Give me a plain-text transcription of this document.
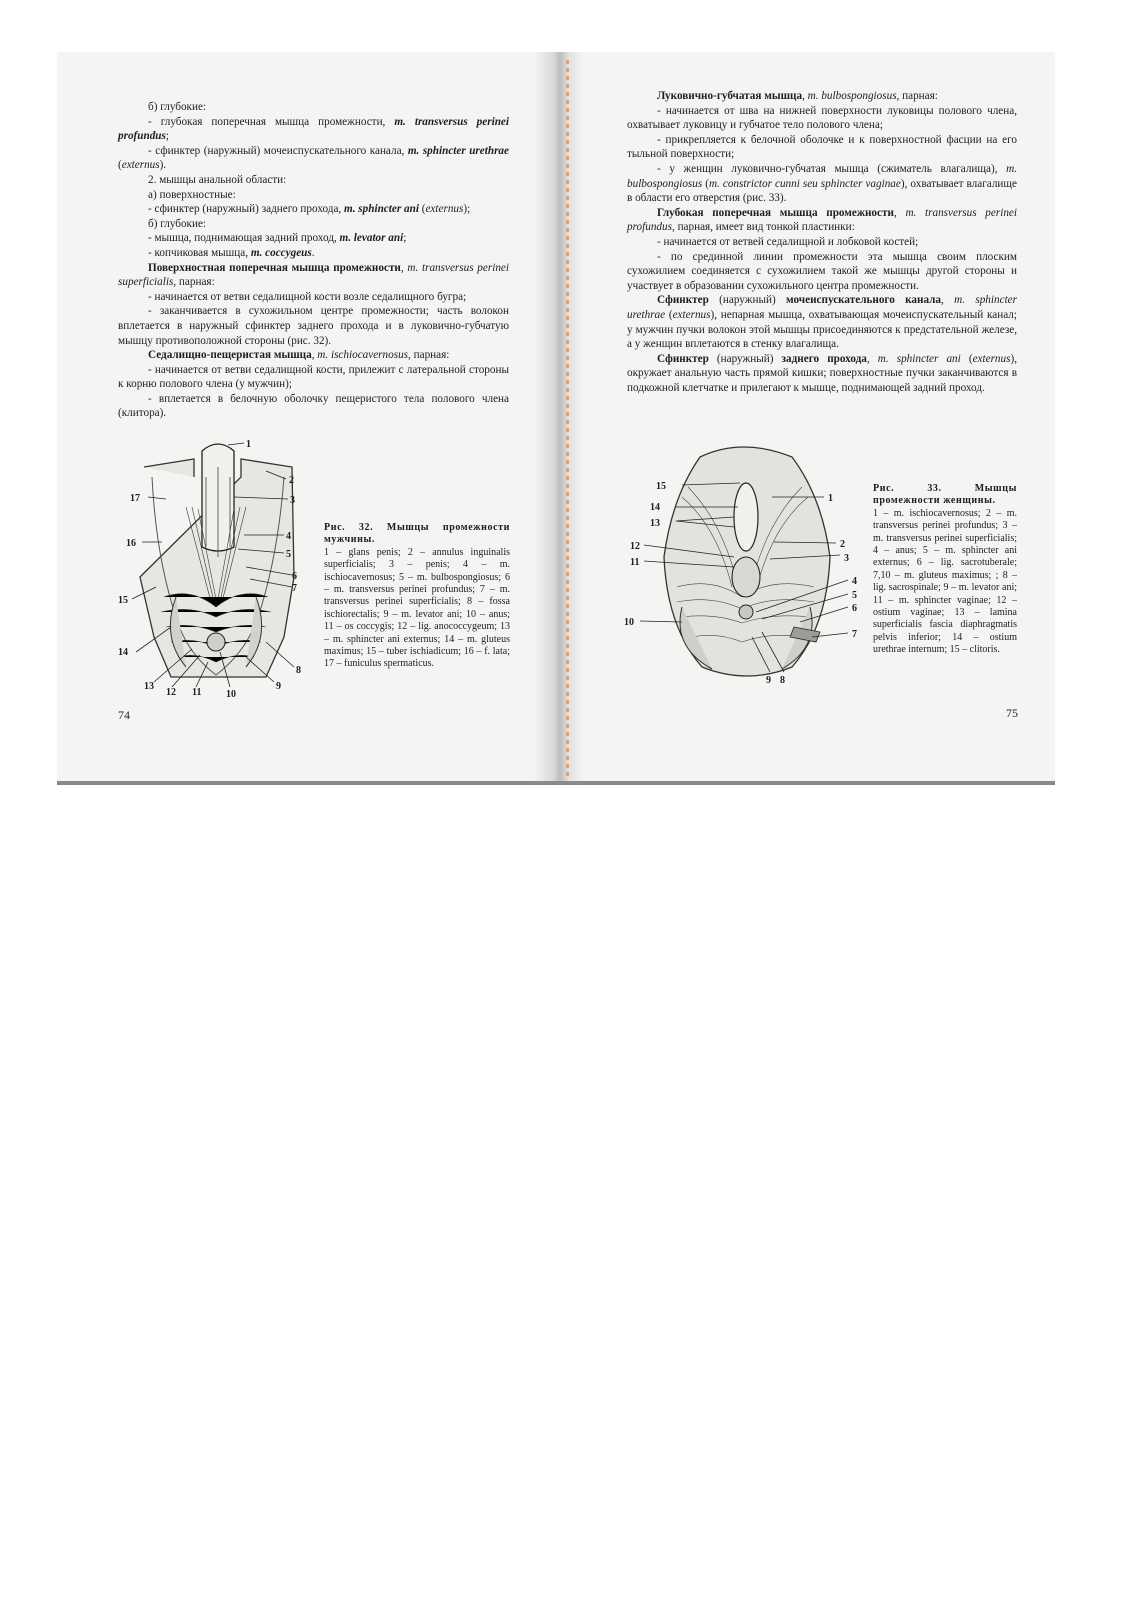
б) глубокие:

- глубокая поперечная мышца промежности, m. transversus perinei profundus;

- сфинктер (наружный) мочеиспускательного канала, m. sphincter urethrae (externus).

2. мышцы анальной области:

а) поверхностные:

- сфинктер (наружный) заднего прохода, m. sphincter ani (externus);

б) глубокие:

- мышца, поднимающая задний проход, m. levator ani;

- копчиковая мышца, m. coccygeus.

Поверхностная поперечная мышца промежности, m. transversus perinei superficialis, парная:

- начинается от ветви седалищной кости возле седалищного бугра;

- заканчивается в сухожильном центре промежности; часть волокон вплетается в наружный сфинктер заднего прохода и в луковично-губчатую мышцу противоположной стороны (рис. 32).

Седалищно-пещеристая мышца, m. ischiocavernosus, парная:

- начинается от ветви седалищной кости, прилежит с латеральной стороны к корню полового члена (у мужчин);

- вплетается в белочную оболочку пещеристого тела полового члена (клитора).

1
2
3
4
5
6
7
8
9
10
11
12
13
14
15
16
17
Рис. 32. Мышцы промежности мужчины.
1 – glans penis; 2 – annulus inguinalis superficialis; 3 – penis; 4 – m. ischiocavernosus; 5 – m. bulbospongiosus; 6 – m. transversus perinei profundus; 7 – m. transversus perinei superficialis; 8 – fossa ischiorectalis; 9 – m. levator ani; 10 – anus; 11 – os coccygis; 12 – lig. anococcygeum; 13 – m. sphincter ani externus; 14 – m. gluteus maximus; 15 – tuber ischiadicum; 16 – f. lata; 17 – funiculus spermaticus.
74

Луковично-губчатая мышца, m. bulbospongiosus, парная:

- начинается от шва на нижней поверхности луковицы полового члена, охватывает луковицу и губчатое тело полового члена;

- прикрепляется к белочной оболочке и к поверхностной фасции на его тыльной поверхности;

- у женщин луковично-губчатая мышца (сжиматель влагалища), m. bulbospongiosus (m. constrictor cunni seu sphincter vaginae), охватывает влагалище в области его отверстия (рис. 33).

Глубокая поперечная мышца промежности, m. transversus perinei profundus, парная, имеет вид тонкой пластинки:

- начинается от ветвей седалищной и лобковой костей;

- по срединной линии промежности эта мышца своим плоским сухожилием соединяется с сухожилием такой же мышцы другой стороны и участвует в образовании сухожильного центра промежности.

Сфинктер (наружный) мочеиспускательного канала, m. sphincter urethrae (externus), непарная мышца, охватывающая мочеиспускательный канал; у мужчин пучки волокон этой мышцы присоединяются к предстательной железе, а у женщин вплетаются в стенку влагалища.

Сфинктер (наружный) заднего прохода, m. sphincter ani (externus), окружает анальную часть прямой кишки; поверхностные пучки заканчиваются в подкожной клетчатке и прилегают к мышце, поднимающей задний проход.

15
14
13
12
11
10
1
2
3
4
5
6
7
8
9
Рис. 33. Мышцы промежности женщины.
1 – m. ischiocavernosus; 2 – m. transversus perinei profundus; 3 – m. transversus perinei superficialis; 4 – anus; 5 – m. sphincter ani externus; 6 – lig. sacrotuberale; 7,10 – m. gluteus maximus; ; 8 – lig. sacrospinale; 9 – m. levator ani; 11 – m. sphincter vaginae; 12 – ostium vaginae; 13 – lamina superficialis fascia diaphragmatis pelvis inferior; 14 – ostium urethrae internum; 15 – clitoris.
75
